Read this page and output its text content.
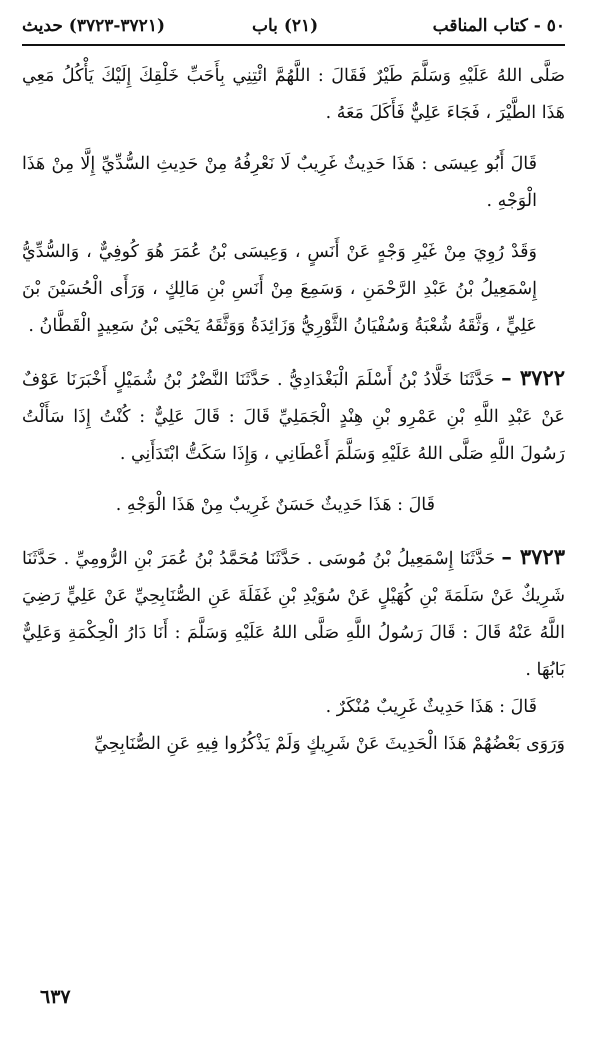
٥٠ - كتاب المناقب
(٢١) باب
(٣٧٢١-٣٧٢٣) حديث

صَلَّى اللهُ عَلَيْهِ وَسَلَّمَ طَيْرٌ فَقَالَ : اللَّهُمَّ ائْتِنِي بِأَحَبِّ خَلْقِكَ إِلَيْكَ يَأْكُلُ مَعِي هَذَا الطَّيْرَ ، فَجَاءَ عَلِيٌّ فَأَكَلَ مَعَهُ .

قَالَ أَبُو عِيسَى : هَذَا حَدِيثٌ غَرِيبٌ لَا نَعْرِفُهُ مِنْ حَدِيثِ السُّدِّيِّ إِلَّا مِنْ هَذَا الْوَجْهِ .

وَقَدْ رُوِيَ مِنْ غَيْرِ وَجْهٍ عَنْ أَنَسٍ ، وَعِيسَى بْنُ عُمَرَ هُوَ كُوفِيٌّ ، وَالسُّدِّيُّ إِسْمَعِيلُ بْنُ عَبْدِ الرَّحْمَنِ ، وَسَمِعَ مِنْ أَنَسِ بْنِ مَالِكٍ ، وَرَأَى الْحُسَيْنَ بْنَ عَلِيٍّ ، وَثَّقَهُ شُعْبَةُ وَسُفْيَانُ الثَّوْرِيُّ وَزَائِدَةُ وَوَثَّقَهُ يَحْيَى بْنُ سَعِيدٍ الْقَطَّانُ .

٣٧٢٢ – حَدَّثَنَا خَلَّادُ بْنُ أَسْلَمَ الْبَغْدَادِيُّ . حَدَّثَنَا النَّضْرُ بْنُ شُمَيْلٍ أَخْبَرَنَا عَوْفٌ عَنْ عَبْدِ اللَّهِ بْنِ عَمْرِو بْنِ هِنْدٍ الْجَمَلِيِّ قَالَ : قَالَ عَلِيٌّ : كُنْتُ إِذَا سَأَلْتُ رَسُولَ اللَّهِ صَلَّى اللهُ عَلَيْهِ وَسَلَّمَ أَعْطَانِي ، وَإِذَا سَكَتُّ ابْتَدَأَنِي .

قَالَ : هَذَا حَدِيثٌ حَسَنٌ غَرِيبٌ مِنْ هَذَا الْوَجْهِ .

٣٧٢٣ – حَدَّثَنَا إِسْمَعِيلُ بْنُ مُوسَى . حَدَّثَنَا مُحَمَّدُ بْنُ عُمَرَ بْنِ الرُّومِيِّ . حَدَّثَنَا شَرِيكٌ عَنْ سَلَمَةَ بْنِ كُهَيْلٍ عَنْ سُوَيْدِ بْنِ غَفَلَةَ عَنِ الصُّنَابِحِيِّ عَنْ عَلِيٍّ رَضِيَ اللَّهُ عَنْهُ قَالَ : قَالَ رَسُولُ اللَّهِ صَلَّى اللهُ عَلَيْهِ وَسَلَّمَ : أَنَا دَارُ الْحِكْمَةِ وَعَلِيٌّ بَابُهَا .

قَالَ : هَذَا حَدِيثٌ غَرِيبٌ مُنْكَرٌ .

وَرَوَى بَعْضُهُمْ هَذَا الْحَدِيثَ عَنْ شَرِيكٍ وَلَمْ يَذْكُرُوا فِيهِ عَنِ الصُّنَابِحِيِّ

٦٣٧
